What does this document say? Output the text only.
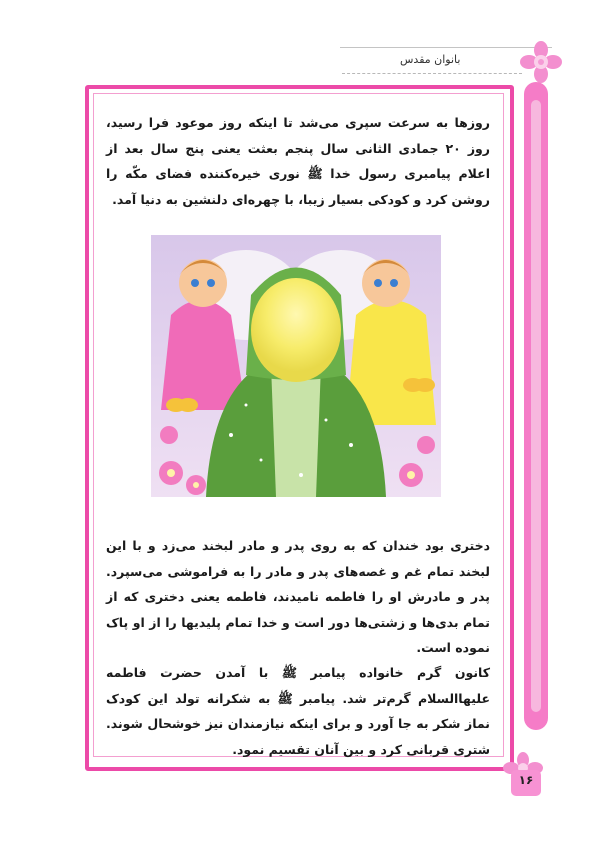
بانوان مقدس

روزها به سرعت سپری می‌شد تا اینکه روز موعود فرا رسید، روز ۲۰ جمادی الثانی سال پنجم بعثت یعنی پنج سال بعد از اعلام پیامبری رسول خدا ﷺ نوری خیره‌کننده فضای مکّه را روشن کرد و کودکی بسیار زیبا، با چهره‌ای دلنشین به دنیا آمد.

دختری بود خندان که به روی پدر و مادر لبخند می‌زد و با این لبخند تمام غم و غصه‌های پدر و مادر را به فراموشی می‌سپرد. پدر و مادرش او را فاطمه نامیدند، فاطمه یعنی دختری که از تمام بدی‌ها و زشتی‌ها دور است و خدا تمام پلیدیها را از او پاک نموده است.

کانون گرم خانواده پیامبر ﷺ با آمدن حضرت فاطمه علیهاالسلام گرم‌تر شد. پیامبر ﷺ به شکرانه تولد این کودک نماز شکر به جا آورد و برای اینکه نیازمندان نیز خوشحال شوند. شتری قربانی کرد و بین آنان تقسیم نمود.

۱۶
